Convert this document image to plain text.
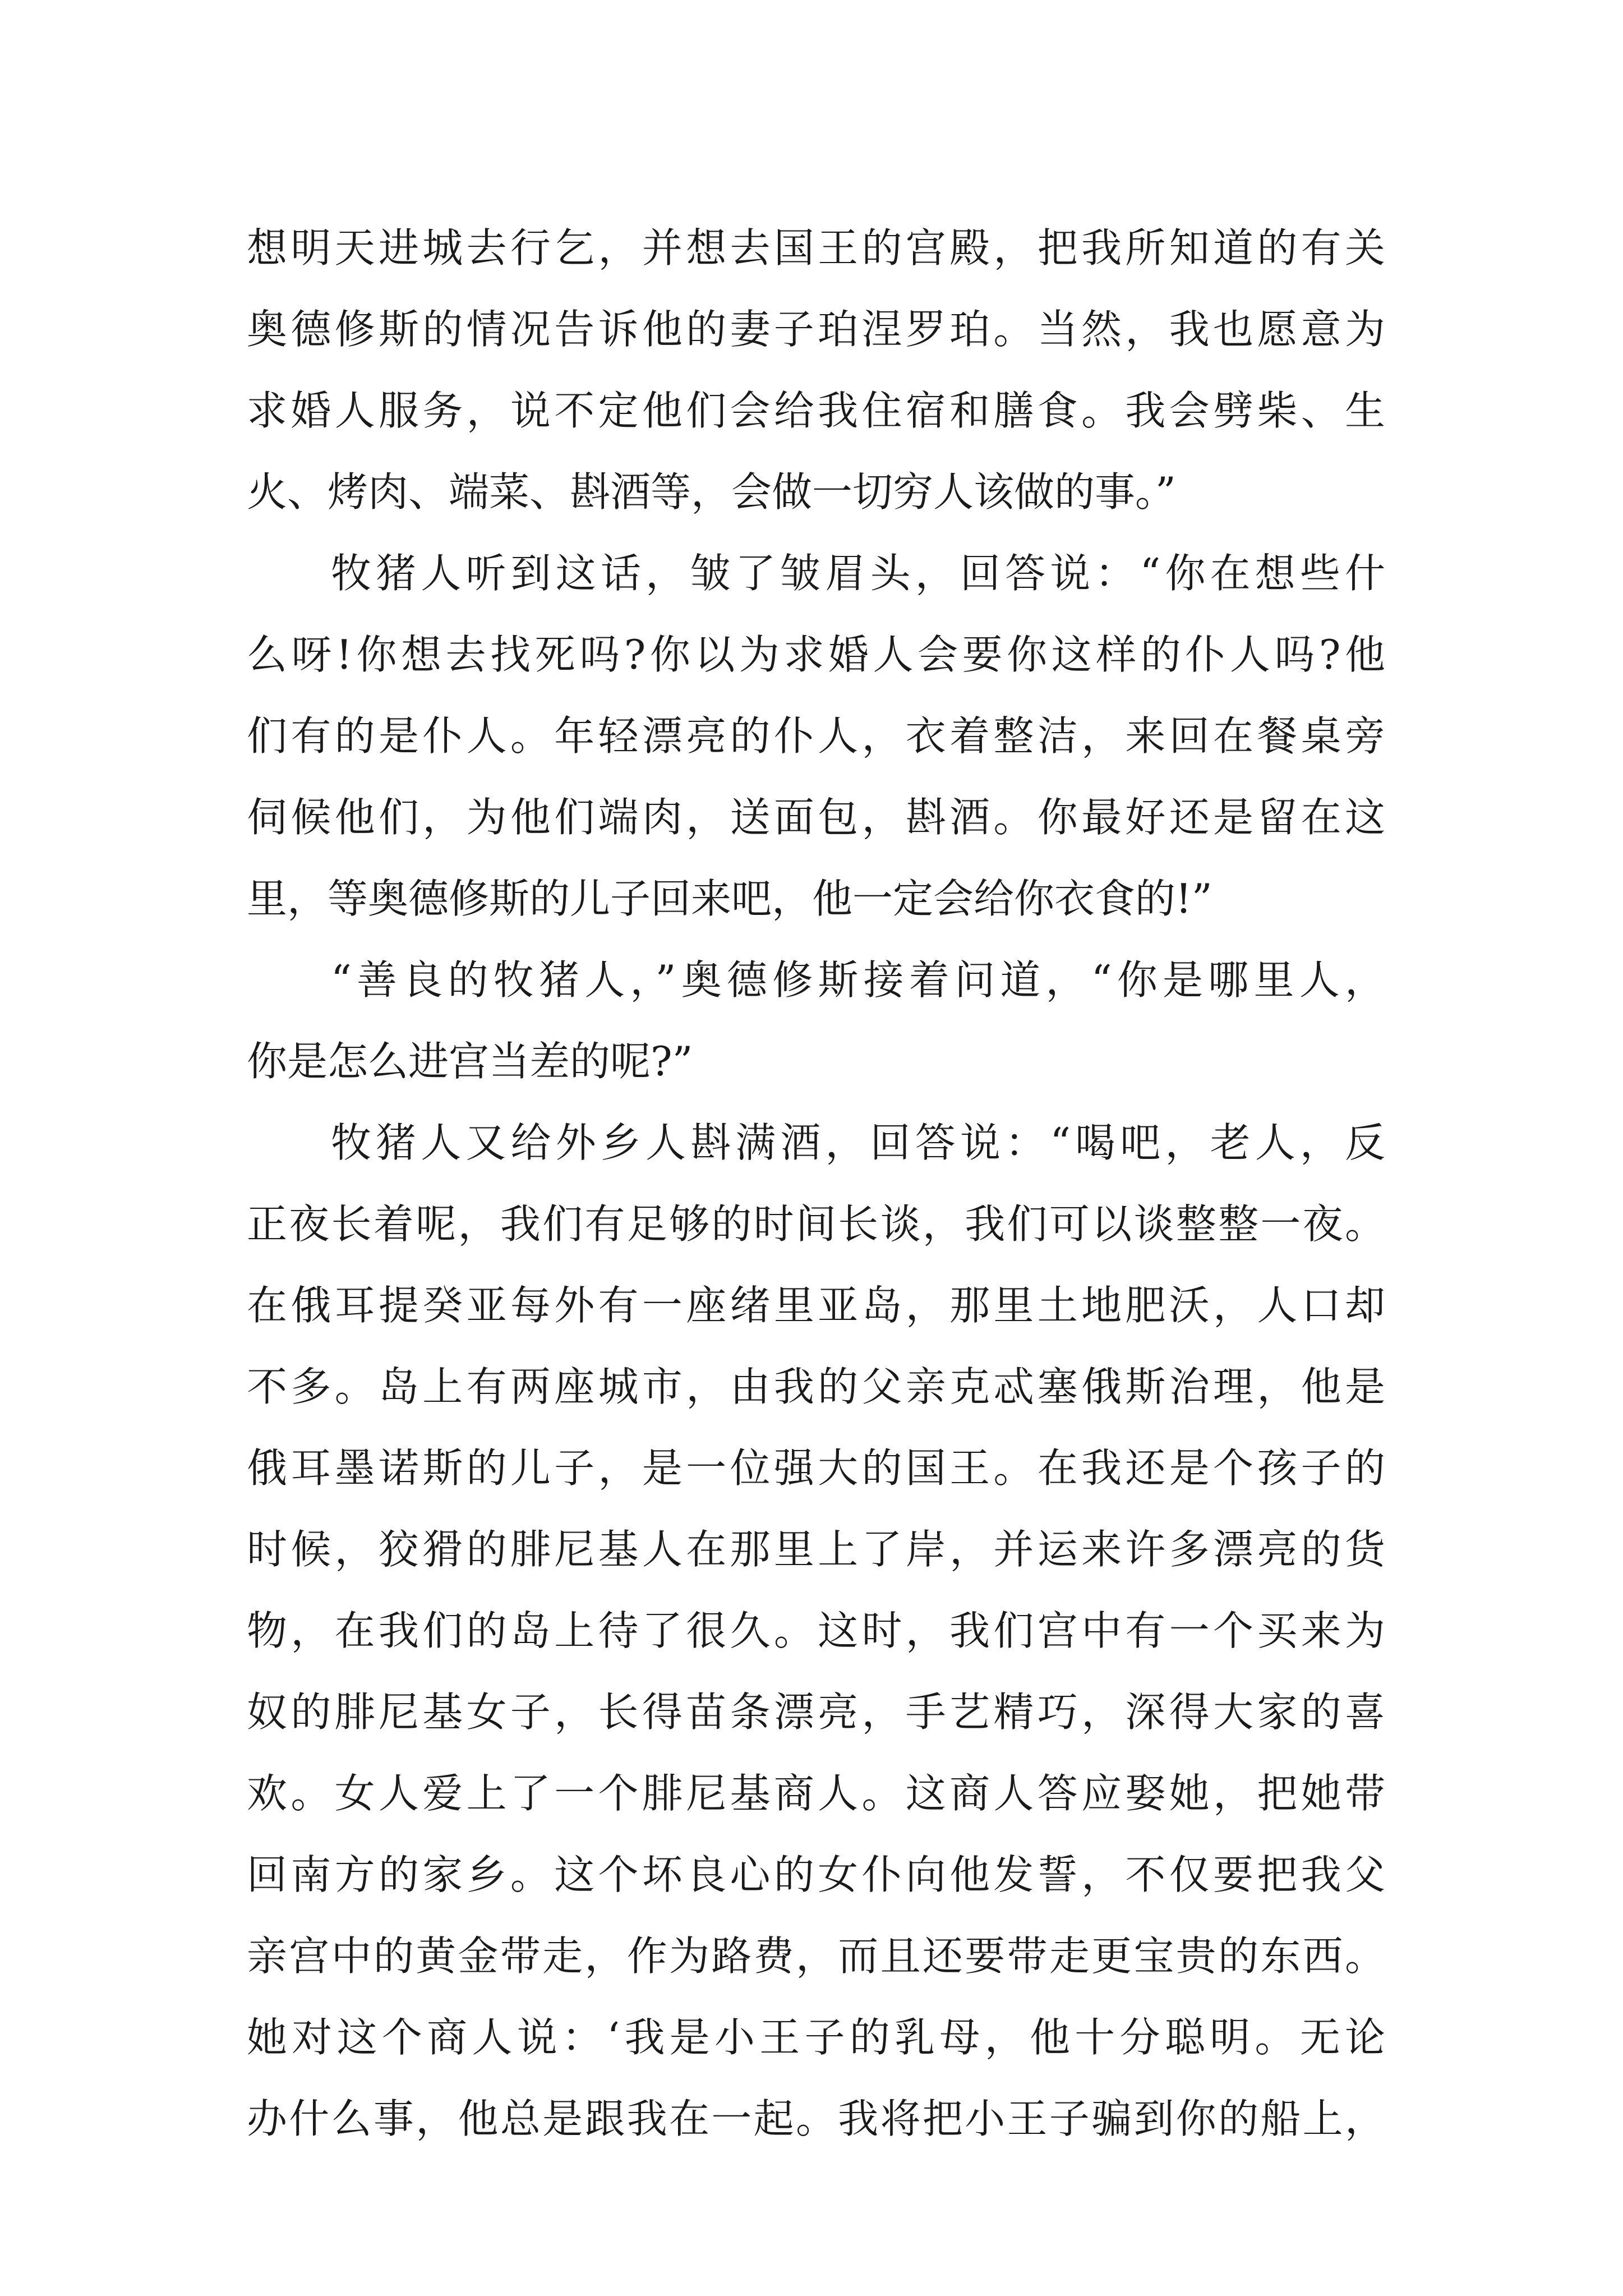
想明天进城去行乞，并想去国王的宫殿，把我所知道的有关
奥德修斯的情况告诉他的妻子珀涅罗珀。当然，我也愿意为
求婚人服务，说不定他们会给我住宿和膳食。我会劈柴、生
火、烤肉、端菜、斟酒等，会做一切穷人该做的事。”
牧猪人听到这话，皱了皱眉头，回答说：“你在想些什
么呀!你想去找死吗?你以为求婚人会要你这样的仆人吗?他
们有的是仆人。年轻漂亮的仆人，衣着整洁，来回在餐桌旁
伺候他们，为他们端肉，送面包，斟酒。你最好还是留在这
里，等奥德修斯的儿子回来吧，他一定会给你衣食的!”
“善良的牧猪人，”奥德修斯接着问道，“你是哪里人，
你是怎么进宫当差的呢?”
牧猪人又给外乡人斟满酒，回答说：“喝吧，老人，反
正夜长着呢，我们有足够的时间长谈，我们可以谈整整一夜。
在俄耳提癸亚每外有一座绪里亚岛，那里土地肥沃，人口却
不多。岛上有两座城市，由我的父亲克忒塞俄斯治理，他是
俄耳墨诺斯的儿子，是一位强大的国王。在我还是个孩子的
时候，狡猾的腓尼基人在那里上了岸，并运来许多漂亮的货
物，在我们的岛上待了很久。这时，我们宫中有一个买来为
奴的腓尼基女子，长得苗条漂亮，手艺精巧，深得大家的喜
欢。女人爱上了一个腓尼基商人。这商人答应娶她，把她带
回南方的家乡。这个坏良心的女仆向他发誓，不仅要把我父
亲宫中的黄金带走，作为路费，而且还要带走更宝贵的东西。
她对这个商人说：‘我是小王子的乳母，他十分聪明。无论
办什么事，他总是跟我在一起。我将把小王子骗到你的船上，
